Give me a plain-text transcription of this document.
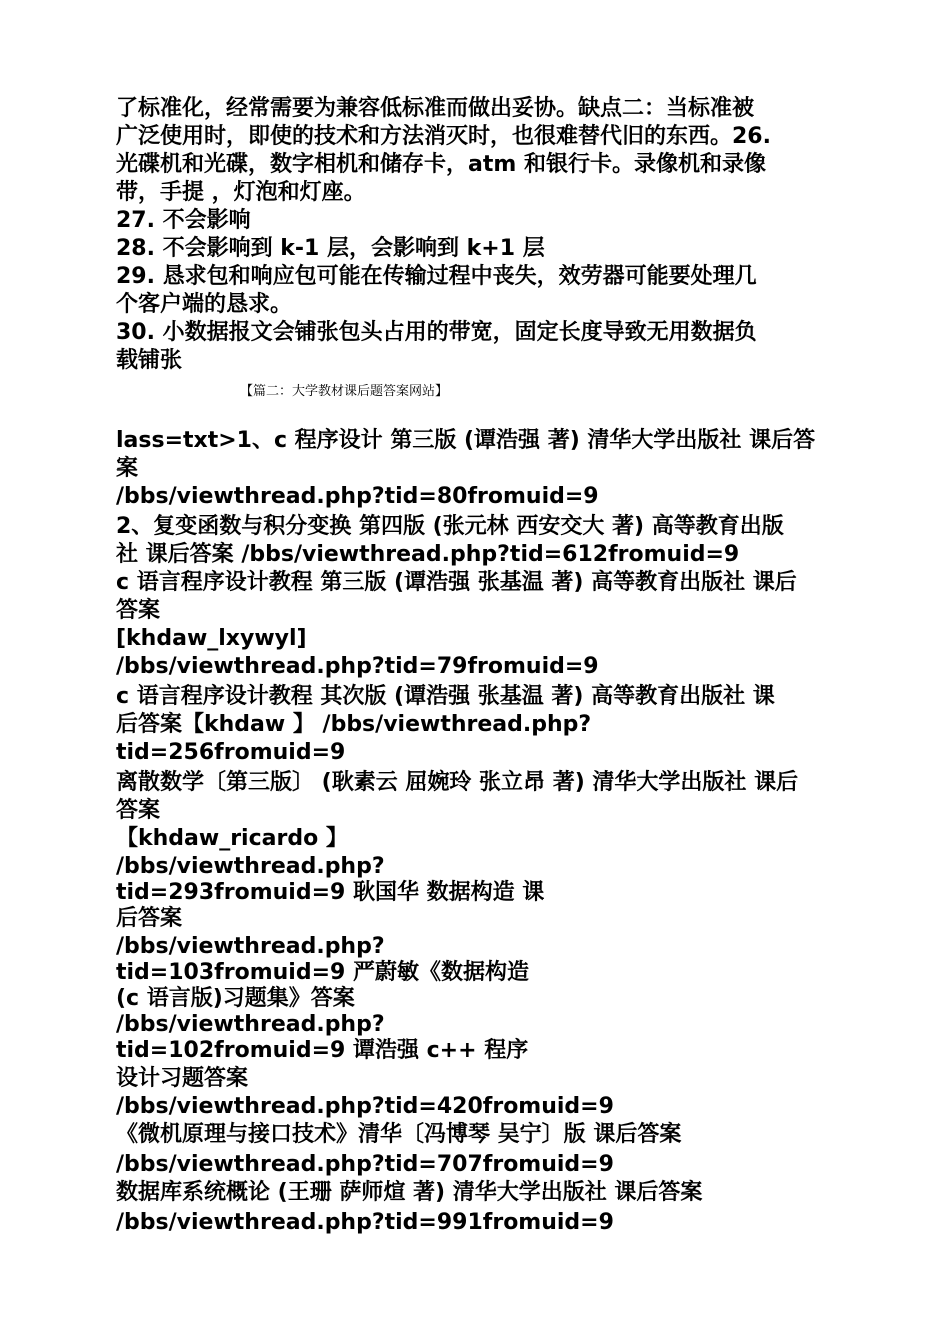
了标准化，经常需要为兼容低标准而做出妥协。缺点二：当标准被
广泛使用时，即使的技术和方法消灭时，也很难替代旧的东西。26.
光碟机和光碟，数字相机和储存卡，atm 和银行卡。录像机和录像
带，手提 ，灯泡和灯座。
27. 不会影响
28. 不会影响到 k-1 层，会影响到 k+1 层
29. 恳求包和响应包可能在传输过程中丧失，效劳器可能要处理几
个客户端的恳求。
30. 小数据报文会铺张包头占用的带宽，固定长度导致无用数据负
载铺张
【篇二：大学教材课后题答案网站】
lass=txt>1、c 程序设计 第三版 (谭浩强 著) 清华大学出版社 课后答
案
/bbs/viewthread.php?tid=80fromuid=9
2、复变函数与积分变换 第四版 (张元林 西安交大 著) 高等教育出版
社 课后答案 /bbs/viewthread.php?tid=612fromuid=9
c 语言程序设计教程 第三版 (谭浩强 张基温 著) 高等教育出版社 课后
答案
[khdaw_lxywyl]
/bbs/viewthread.php?tid=79fromuid=9
c 语言程序设计教程 其次版 (谭浩强 张基温 著) 高等教育出版社 课
后答案【khdaw 】 /bbs/viewthread.php?
tid=256fromuid=9
离散数学〔第三版〕 (耿素云 屈婉玲 张立昂 著) 清华大学出版社 课后
答案
【khdaw_ricardo 】
/bbs/viewthread.php?
tid=293fromuid=9 耿国华 数据构造 课
后答案
/bbs/viewthread.php?
tid=103fromuid=9 严蔚敏《数据构造
(c 语言版)习题集》答案
/bbs/viewthread.php?
tid=102fromuid=9 谭浩强 c++ 程序
设计习题答案
/bbs/viewthread.php?tid=420fromuid=9
《微机原理与接口技术》清华〔冯博琴 吴宁〕版 课后答案
/bbs/viewthread.php?tid=707fromuid=9
数据库系统概论 (王珊 萨师煊 著) 清华大学出版社 课后答案
/bbs/viewthread.php?tid=991fromuid=9
